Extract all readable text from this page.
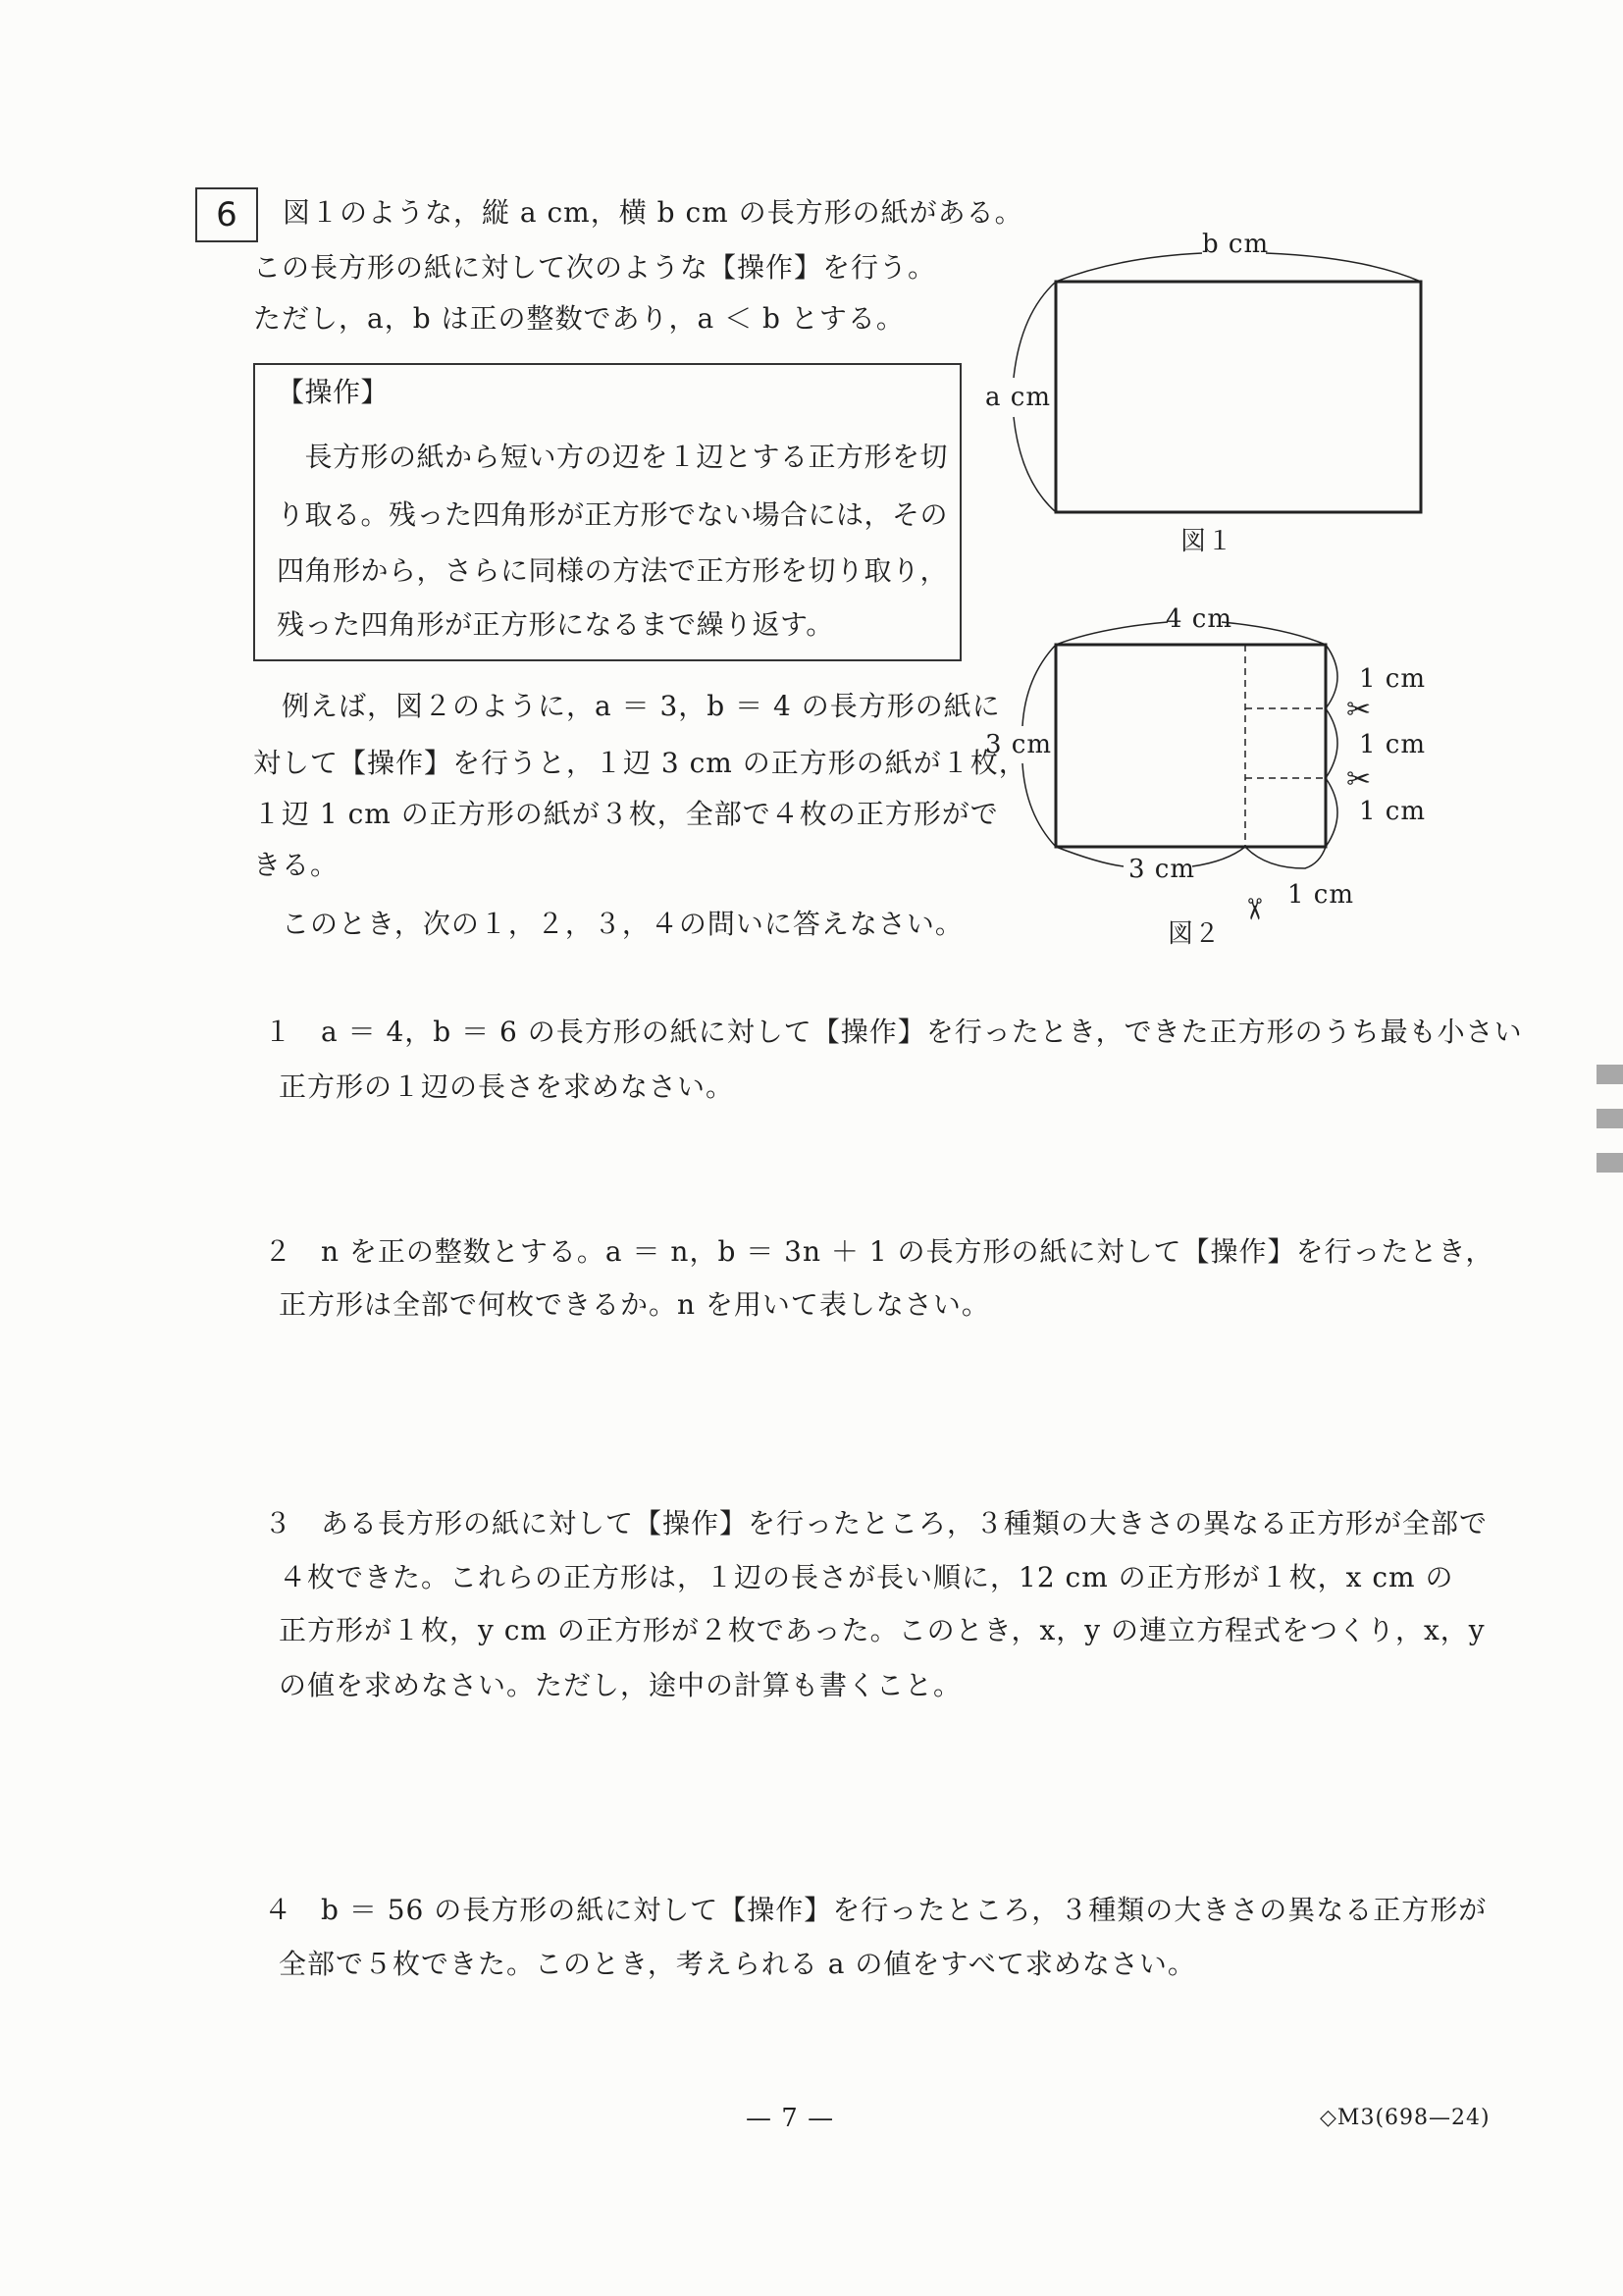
6	図１のような，縦 a cm，横 b cm の長方形の紙がある。
この長方形の紙に対して次のような【操作】を行う。
ただし，a，b は正の整数であり，a ＜ b とする。
【操作】
　長方形の紙から短い方の辺を１辺とする正方形を切
り取る。残った四角形が正方形でない場合には，その
四角形から，さらに同様の方法で正方形を切り取り，
残った四角形が正方形になるまで繰り返す。
　例えば，図２のように，a ＝ 3，b ＝ 4 の長方形の紙に
対して【操作】を行うと，１辺 3 cm の正方形の紙が１枚，
１辺 1 cm の正方形の紙が３枚，全部で４枚の正方形がで
きる。
　このとき，次の１，２，３，４の問いに答えなさい。
✂
✂
✂
b cm
a cm
図１
4 cm
3 cm
3 cm
1 cm
1 cm
1 cm
1 cm
図２
１　a ＝ 4，b ＝ 6 の長方形の紙に対して【操作】を行ったとき，できた正方形のうち最も小さい
正方形の１辺の長さを求めなさい。
２　n を正の整数とする。a ＝ n，b ＝ 3n ＋ 1 の長方形の紙に対して【操作】を行ったとき，
正方形は全部で何枚できるか。n を用いて表しなさい。
３　ある長方形の紙に対して【操作】を行ったところ，３種類の大きさの異なる正方形が全部で
４枚できた。これらの正方形は，１辺の長さが長い順に，12 cm の正方形が１枚，x cm の
正方形が１枚，y cm の正方形が２枚であった。このとき，x，y の連立方程式をつくり，x，y
の値を求めなさい。ただし，途中の計算も書くこと。
４　b ＝ 56 の長方形の紙に対して【操作】を行ったところ，３種類の大きさの異なる正方形が
全部で５枚できた。このとき，考えられる a の値をすべて求めなさい。
— 7 —	◇M3(698—24)
